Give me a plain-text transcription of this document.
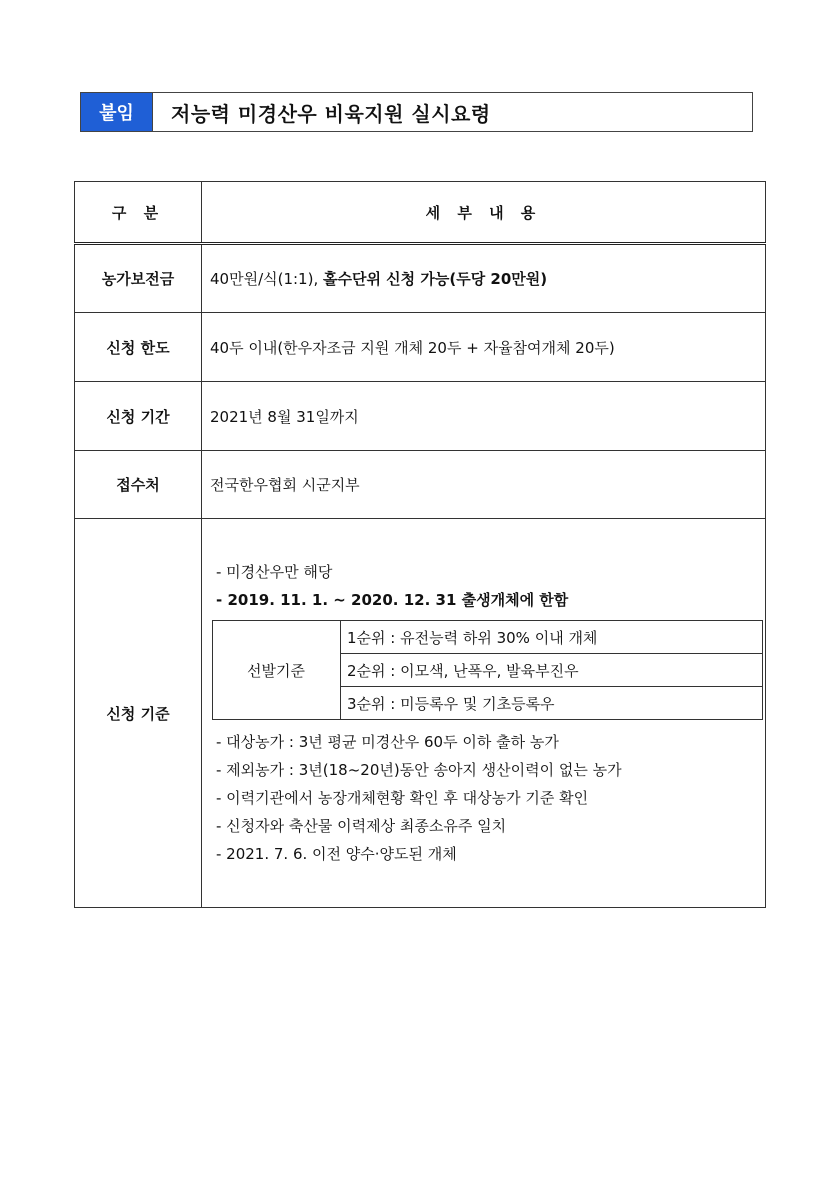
붙임	저능력 미경산우 비육지원 실시요령
구 분	세 부 내 용
농가보전금	40만원/식(1:1), 홀수단위 신청 가능(두당 20만원)
신청 한도	40두 이내(한우자조금 지원 개체 20두 + 자율참여개체 20두)
신청 기간	2021년 8월 31일까지
접수처	전국한우협회 시군지부
신청 기준	
- 미경산우만 해당
- 2019. 11. 1. ~ 2020. 12. 31 출생개체에 한함
선발기준	1순위 : 유전능력 하위 30% 이내 개체
2순위 : 이모색, 난폭우, 발육부진우
3순위 : 미등록우 및 기초등록우
- 대상농가 : 3년 평균 미경산우 60두 이하 출하 농가
- 제외농가 : 3년(18~20년)동안 송아지 생산이력이 없는 농가
- 이력기관에서 농장개체현황 확인 후 대상농가 기준 확인
- 신청자와 축산물 이력제상 최종소유주 일치
- 2021. 7. 6. 이전 양수·양도된 개체
